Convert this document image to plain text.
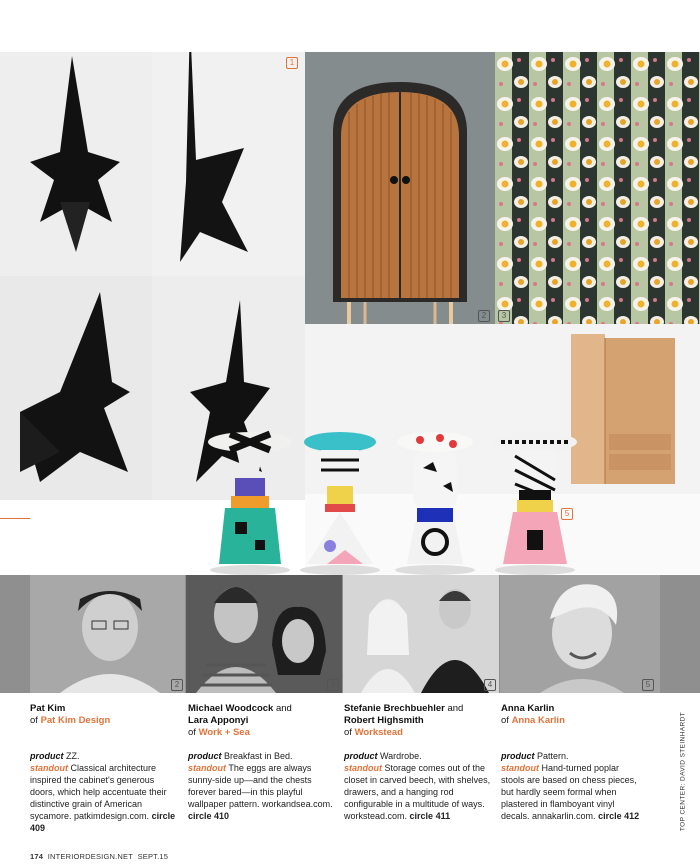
1
2	3
5
2	3	4	5
Pat Kim
of Pat Kim Design
product ZZ.
standout Classical architecture inspired the cabinet's generous doors, which help accentuate their distinctive grain of American sycamore. patkimdesign.com. circle 409
Michael Woodcock and
Lara Apponyi
of Work + Sea
product Breakfast in Bed.
standout The eggs are always sunny-side up—and the chests forever bared—in this playful wallpaper pattern. workandsea.com. circle 410
Stefanie Brechbuehler and
Robert Highsmith
of Workstead
product Wardrobe.
standout Storage comes out of the closet in carved beech, with shelves, drawers, and a hanging rod configurable in a multitude of ways. workstead.com. circle 411
Anna Karlin
of Anna Karlin
product Pattern.
standout Hand-turned poplar stools are based on chess pieces, but hardly seem formal when plastered in flamboyant vinyl decals. annakarlin.com. circle 412	TOP CENTER: DAVID STEINHARDT
174 INTERIORDESIGN.NET SEPT.15
